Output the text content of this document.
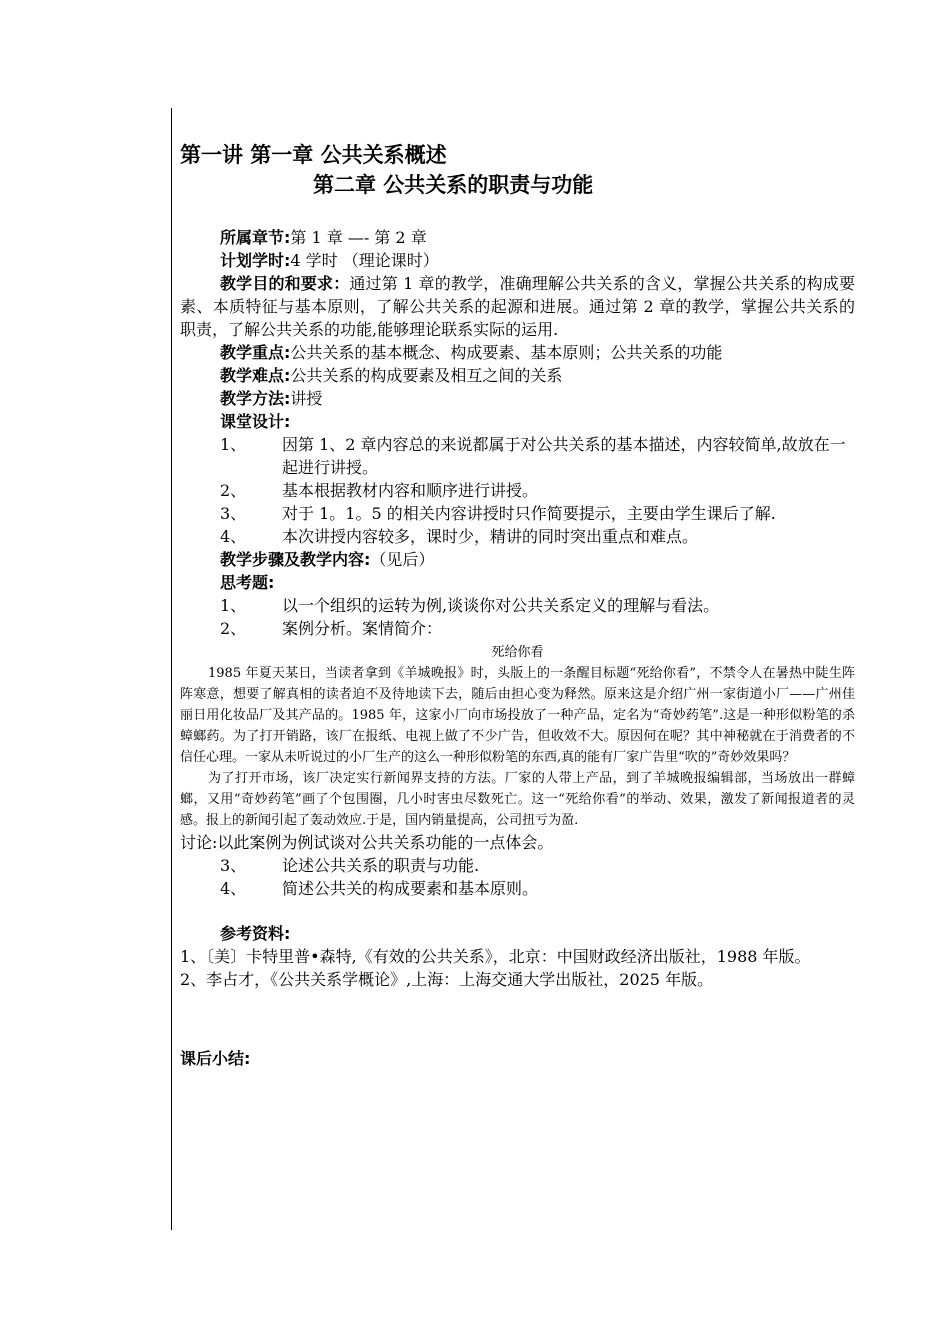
第一讲 第一章 公共关系概述
第二章 公共关系的职责与功能
所属章节:第 1 章 —- 第 2 章
计划学时:4 学时 （理论课时）
教学目的和要求：通过第 1 章的教学，准确理解公共关系的含义，掌握公共关系的构成要素、本质特征与基本原则，了解公共关系的起源和进展。通过第 2 章的教学，掌握公共关系的职责，了解公共关系的功能,能够理论联系实际的运用.
教学重点:公共关系的基本概念、构成要素、基本原则；公共关系的功能
教学难点:公共关系的构成要素及相互之间的关系
教学方法:讲授
课堂设计:
1、	因第 1、2 章内容总的来说都属于对公共关系的基本描述，内容较简单,故放在一起进行讲授。
2、	基本根据教材内容和顺序进行讲授。
3、	对于 1。1。5 的相关内容讲授时只作简要提示，主要由学生课后了解.
4、	本次讲授内容较多，课时少，精讲的同时突出重点和难点。
教学步骤及教学内容:（见后）
思考题:
1、	以一个组织的运转为例,谈谈你对公共关系定义的理解与看法。
2、	案例分析。案情简介：
死给你看

1985 年夏天某日，当读者拿到《羊城晚报》时，头版上的一条醒目标题“死给你看”，不禁令人在暑热中陡生阵阵寒意，想要了解真相的读者迫不及待地读下去，随后由担心变为释然。原来这是介绍广州一家街道小厂——广州佳丽日用化妆品厂及其产品的。1985 年，这家小厂向市场投放了一种产品，定名为“奇妙药笔”.这是一种形似粉笔的杀蟑螂药。为了打开销路，该厂在报纸、电视上做了不少广告，但收效不大。原因何在呢？其中神秘就在于消费者的不信任心理。一家从未听说过的小厂生产的这么一种形似粉笔的东西,真的能有厂家广告里“吹的”奇妙效果吗？

为了打开市场，该厂决定实行新闻界支持的方法。厂家的人带上产品，到了羊城晚报编辑部，当场放出一群蟑螂，又用“奇妙药笔”画了个包围圈，几小时害虫尽数死亡。这一“死给你看”的举动、效果，激发了新闻报道者的灵感。报上的新闻引起了轰动效应.于是，国内销量提高，公司扭亏为盈.

讨论:以此案例为例试谈对公共关系功能的一点体会。
3、	论述公共关系的职责与功能.
4、	简述公共关的构成要素和基本原则。
参考资料:
1、〔美〕卡特里普•森特,《有效的公共关系》，北京：中国财政经济出版社，1988 年版。
2、李占才，《公共关系学概论》,上海：上海交通大学出版社，2025 年版。
课后小结:
